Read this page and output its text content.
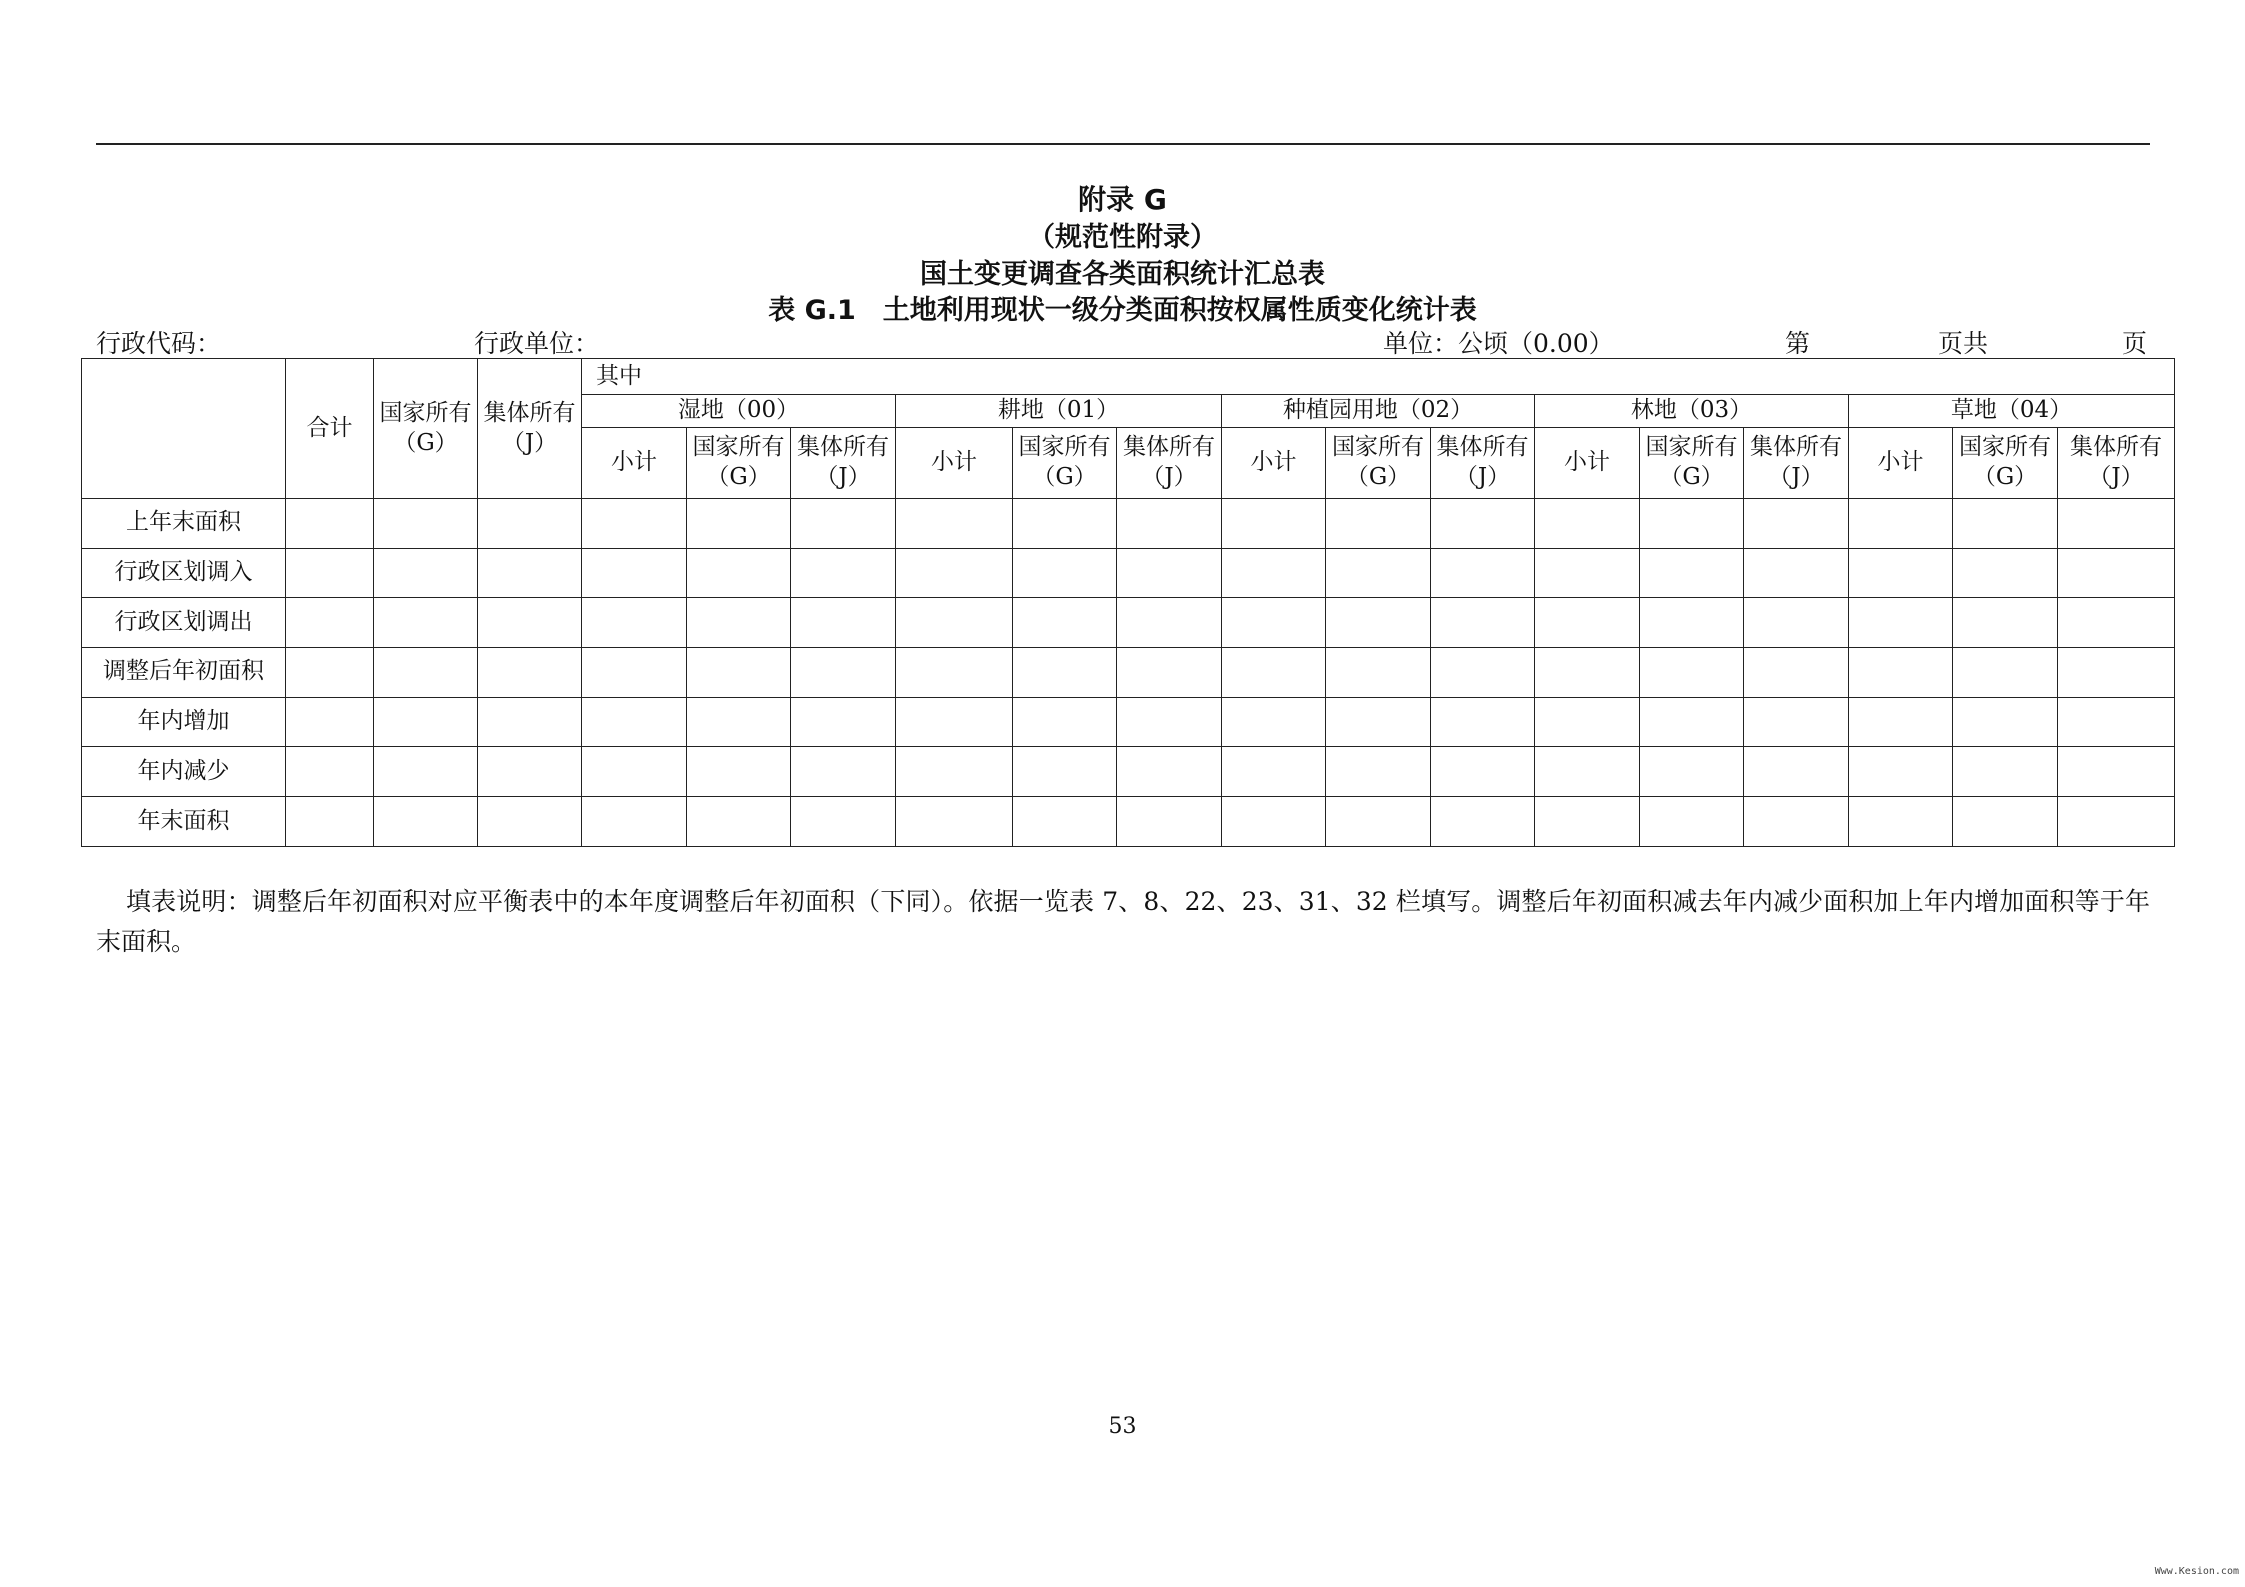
附录 G
（规范性附录）
国土变更调查各类面积统计汇总表
表 G.1　土地利用现状一级分类面积按权属性质变化统计表
行政代码：	行政单位：	单位：公顷（0.00）	第	页共	页
	合计	国家所有（G）	集体所有（J）	其中														
				湿地（00）			耕地（01）			种植园用地（02）			林地（03）			草地（04）		
				小计	国家所有（G）	集体所有（J）	小计	国家所有（G）	集体所有（J）	小计	国家所有（G）	集体所有（J）	小计	国家所有（G）	集体所有（J）	小计	国家所有（G）	集体所有（J）
上年末面积																		
行政区划调入																		
行政区划调出																		
调整后年初面积																		
年内增加																		
年内减少																		
年末面积																		
填表说明：调整后年初面积对应平衡表中的本年度调整后年初面积（下同）。依据一览表 7、8、22、23、31、32 栏填写。调整后年初面积减去年内减少面积加上年内增加面积等于年末面积。
53
Www.Kesion.com
